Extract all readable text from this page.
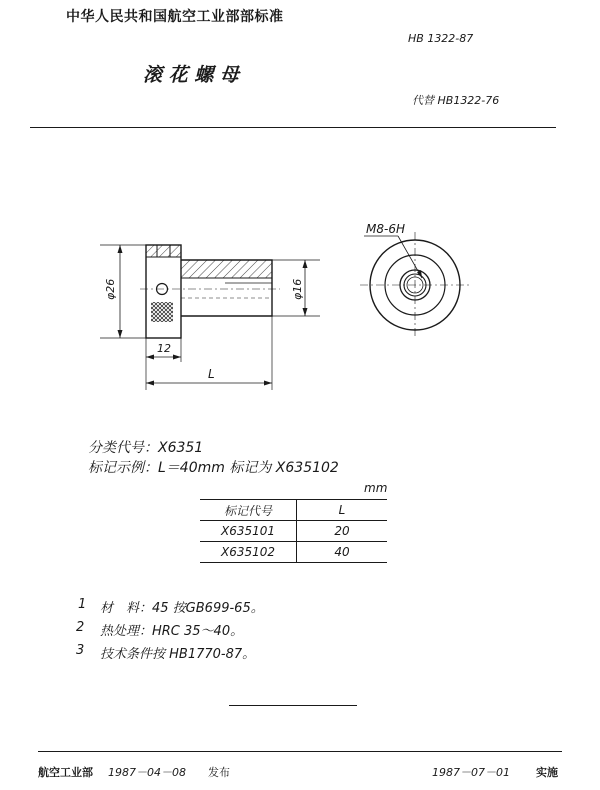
中华人民共和国航空工业部部标准
HB 1322-87
滚 花 螺 母
代替 HB1322-76
φ26	φ16
12
L
M8-6H
分类代号：X6351
标记示例：L＝40mm 标记为 X635102
mm
标记代号	L
X635101	20
X635102	40
1 材　料：45 按GB699-65。
2 热处理：HRC 35～40。
3 技术条件按 HB1770-87。
航空工业部 1987－04－08 发布	1987－07－01 实施
